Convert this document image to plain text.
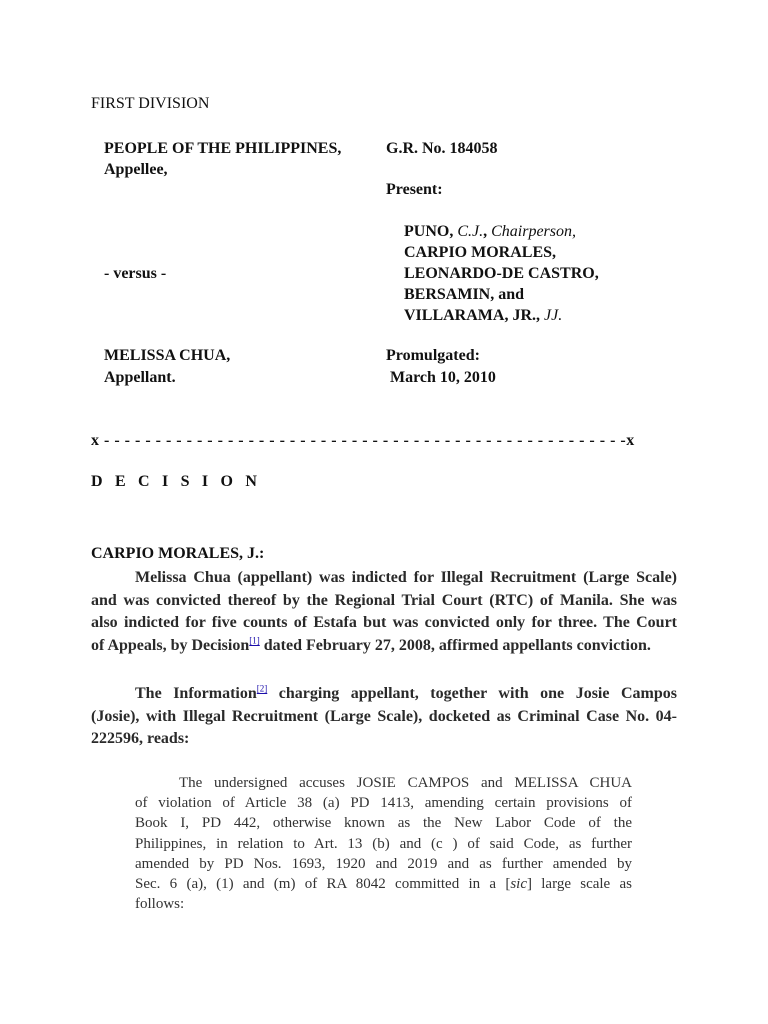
FIRST DIVISION
PEOPLE OF THE PHILIPPINES,
Appellee,
G.R. No. 184058
Present:
PUNO, C.J., Chairperson,
CARPIO MORALES,
- versus -	LEONARDO-DE CASTRO,
BERSAMIN, and
VILLARAMA, JR., JJ.
MELISSA CHUA,
Appellant.
Promulgated:
March 10, 2010
x - - - - - - - - - - - - - - - - - - - - - - - - - - - - - - - - - - - - - - - - - - - - - - - - - - -x
D E C I S I O N
CARPIO MORALES, J.:
Melissa Chua (appellant) was indicted for Illegal Recruitment (Large Scale)
and was convicted thereof by the Regional Trial Court (RTC) of Manila. She was
also indicted for five counts of Estafa but was convicted only for three. The Court
of Appeals, by Decision[1] dated February 27, 2008, affirmed appellants conviction.
The Information[2] charging appellant, together with one Josie Campos
(Josie), with Illegal Recruitment (Large Scale), docketed as Criminal Case No. 04-
222596, reads:
The undersigned accuses JOSIE CAMPOS and MELISSA CHUA
of violation of Article 38 (a) PD 1413, amending certain provisions of
Book I, PD 442, otherwise known as the New Labor Code of the
Philippines, in relation to Art. 13 (b) and (c ) of said Code, as further
amended by PD Nos. 1693, 1920 and 2019 and as further amended by
Sec. 6 (a), (1) and (m) of RA 8042 committed in a [sic] large scale as
follows:
